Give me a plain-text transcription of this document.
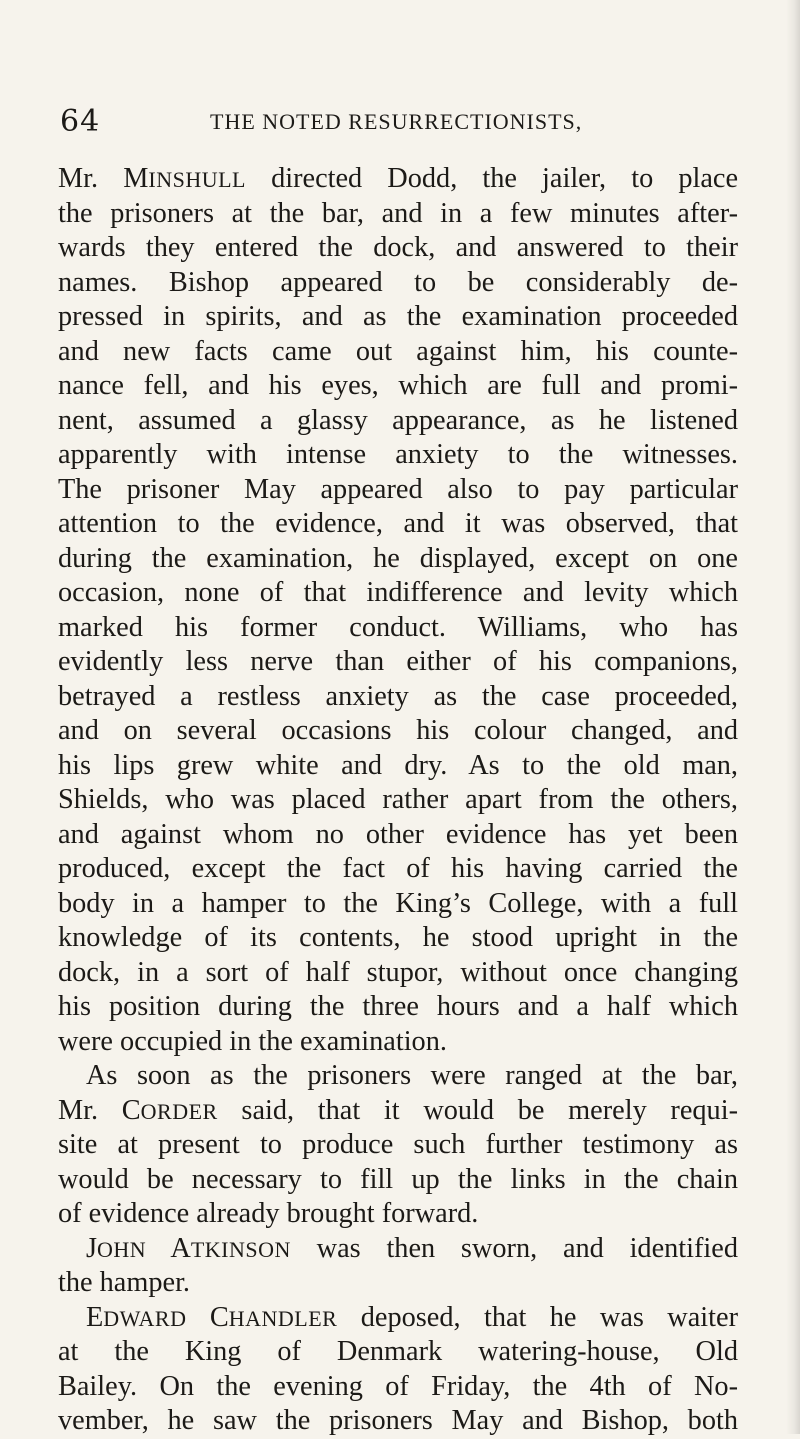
64	THE NOTED RESURRECTIONISTS,
Mr. MINSHULL directed Dodd, the jailer, to place
the prisoners at the bar, and in a few minutes after-
wards they entered the dock, and answered to their
names. Bishop appeared to be considerably de-
pressed in spirits, and as the examination proceeded
and new facts came out against him, his counte-
nance fell, and his eyes, which are full and promi-
nent, assumed a glassy appearance, as he listened
apparently with intense anxiety to the witnesses.
The prisoner May appeared also to pay particular
attention to the evidence, and it was observed, that
during the examination, he displayed, except on one
occasion, none of that indifference and levity which
marked his former conduct. Williams, who has
evidently less nerve than either of his companions,
betrayed a restless anxiety as the case proceeded,
and on several occasions his colour changed, and
his lips grew white and dry. As to the old man,
Shields, who was placed rather apart from the others,
and against whom no other evidence has yet been
produced, except the fact of his having carried the
body in a hamper to the King’s College, with a full
knowledge of its contents, he stood upright in the
dock, in a sort of half stupor, without once changing
his position during the three hours and a half which
were occupied in the examination.
As soon as the prisoners were ranged at the bar,
Mr. CORDER said, that it would be merely requi-
site at present to produce such further testimony as
would be necessary to fill up the links in the chain
of evidence already brought forward.
JOHN ATKINSON was then sworn, and identified
the hamper.
EDWARD CHANDLER deposed, that he was waiter
at the King of Denmark watering-house, Old
Bailey. On the evening of Friday, the 4th of No-
vember, he saw the prisoners May and Bishop, both
